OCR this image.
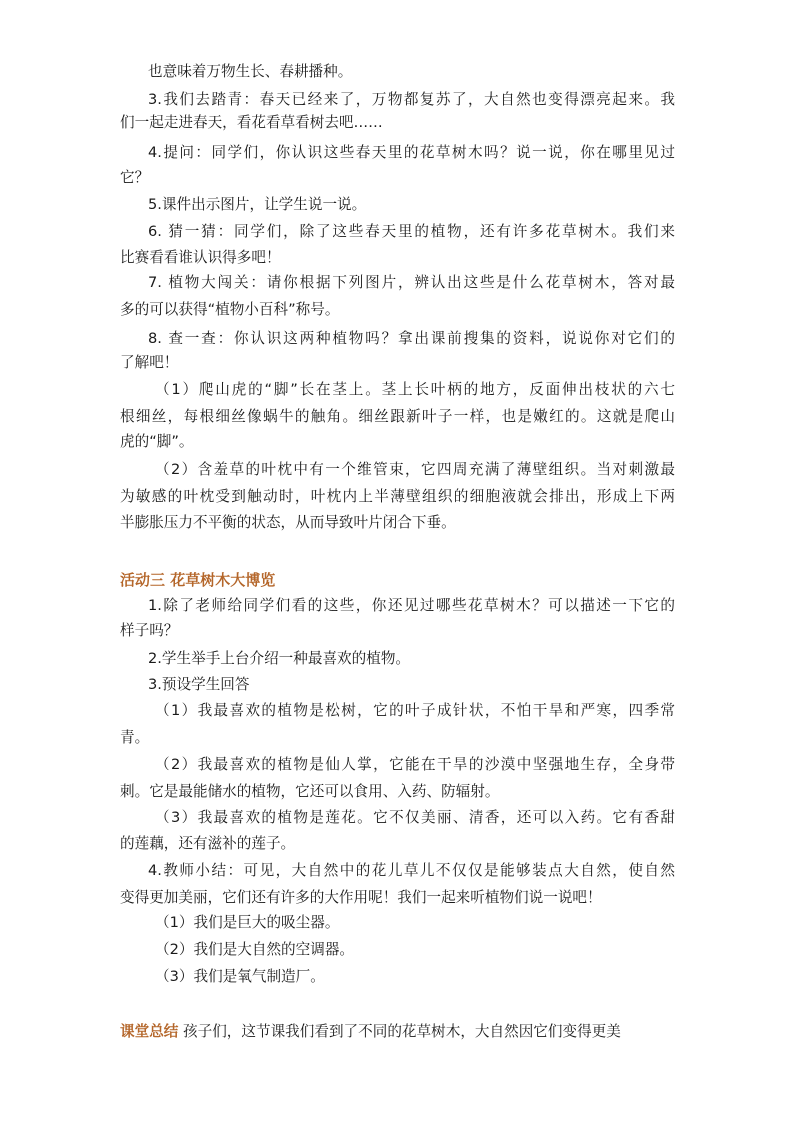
也意味着万物生长、春耕播种。
3.我们去踏青：春天已经来了，万物都复苏了，大自然也变得漂亮起来。我
们一起走进春天，看花看草看树去吧……
4.提问：同学们，你认识这些春天里的花草树木吗？说一说，你在哪里见过
它？
5.课件出示图片，让学生说一说。
6. 猜一猜：同学们，除了这些春天里的植物，还有许多花草树木。我们来
比赛看看谁认识得多吧！
7. 植物大闯关：请你根据下列图片，辨认出这些是什么花草树木，答对最
多的可以获得“植物小百科”称号。
8. 查一查：你认识这两种植物吗？拿出课前搜集的资料，说说你对它们的
了解吧！
（1）爬山虎的“脚”长在茎上。茎上长叶柄的地方，反面伸出枝状的六七
根细丝，每根细丝像蜗牛的触角。细丝跟新叶子一样，也是嫩红的。这就是爬山
虎的“脚”。
（2）含羞草的叶枕中有一个维管束，它四周充满了薄壁组织。当对刺激最
为敏感的叶枕受到触动时，叶枕内上半薄壁组织的细胞液就会排出，形成上下两
半膨胀压力不平衡的状态，从而导致叶片闭合下垂。
活动三 花草树木大博览
1.除了老师给同学们看的这些，你还见过哪些花草树木？可以描述一下它的
样子吗？
2.学生举手上台介绍一种最喜欢的植物。
3.预设学生回答
（1）我最喜欢的植物是松树，它的叶子成针状，不怕干旱和严寒，四季常
青。
（2）我最喜欢的植物是仙人掌，它能在干旱的沙漠中坚强地生存，全身带
刺。它是最能储水的植物，它还可以食用、入药、防辐射。
（3）我最喜欢的植物是莲花。它不仅美丽、清香，还可以入药。它有香甜
的莲藕，还有滋补的莲子。
4.教师小结：可见，大自然中的花儿草儿不仅仅是能够装点大自然，使自然
变得更加美丽，它们还有许多的大作用呢！我们一起来听植物们说一说吧！
（1）我们是巨大的吸尘器。
（2）我们是大自然的空调器。
（3）我们是氧气制造厂。
课堂总结 孩子们，这节课我们看到了不同的花草树木，大自然因它们变得更美
